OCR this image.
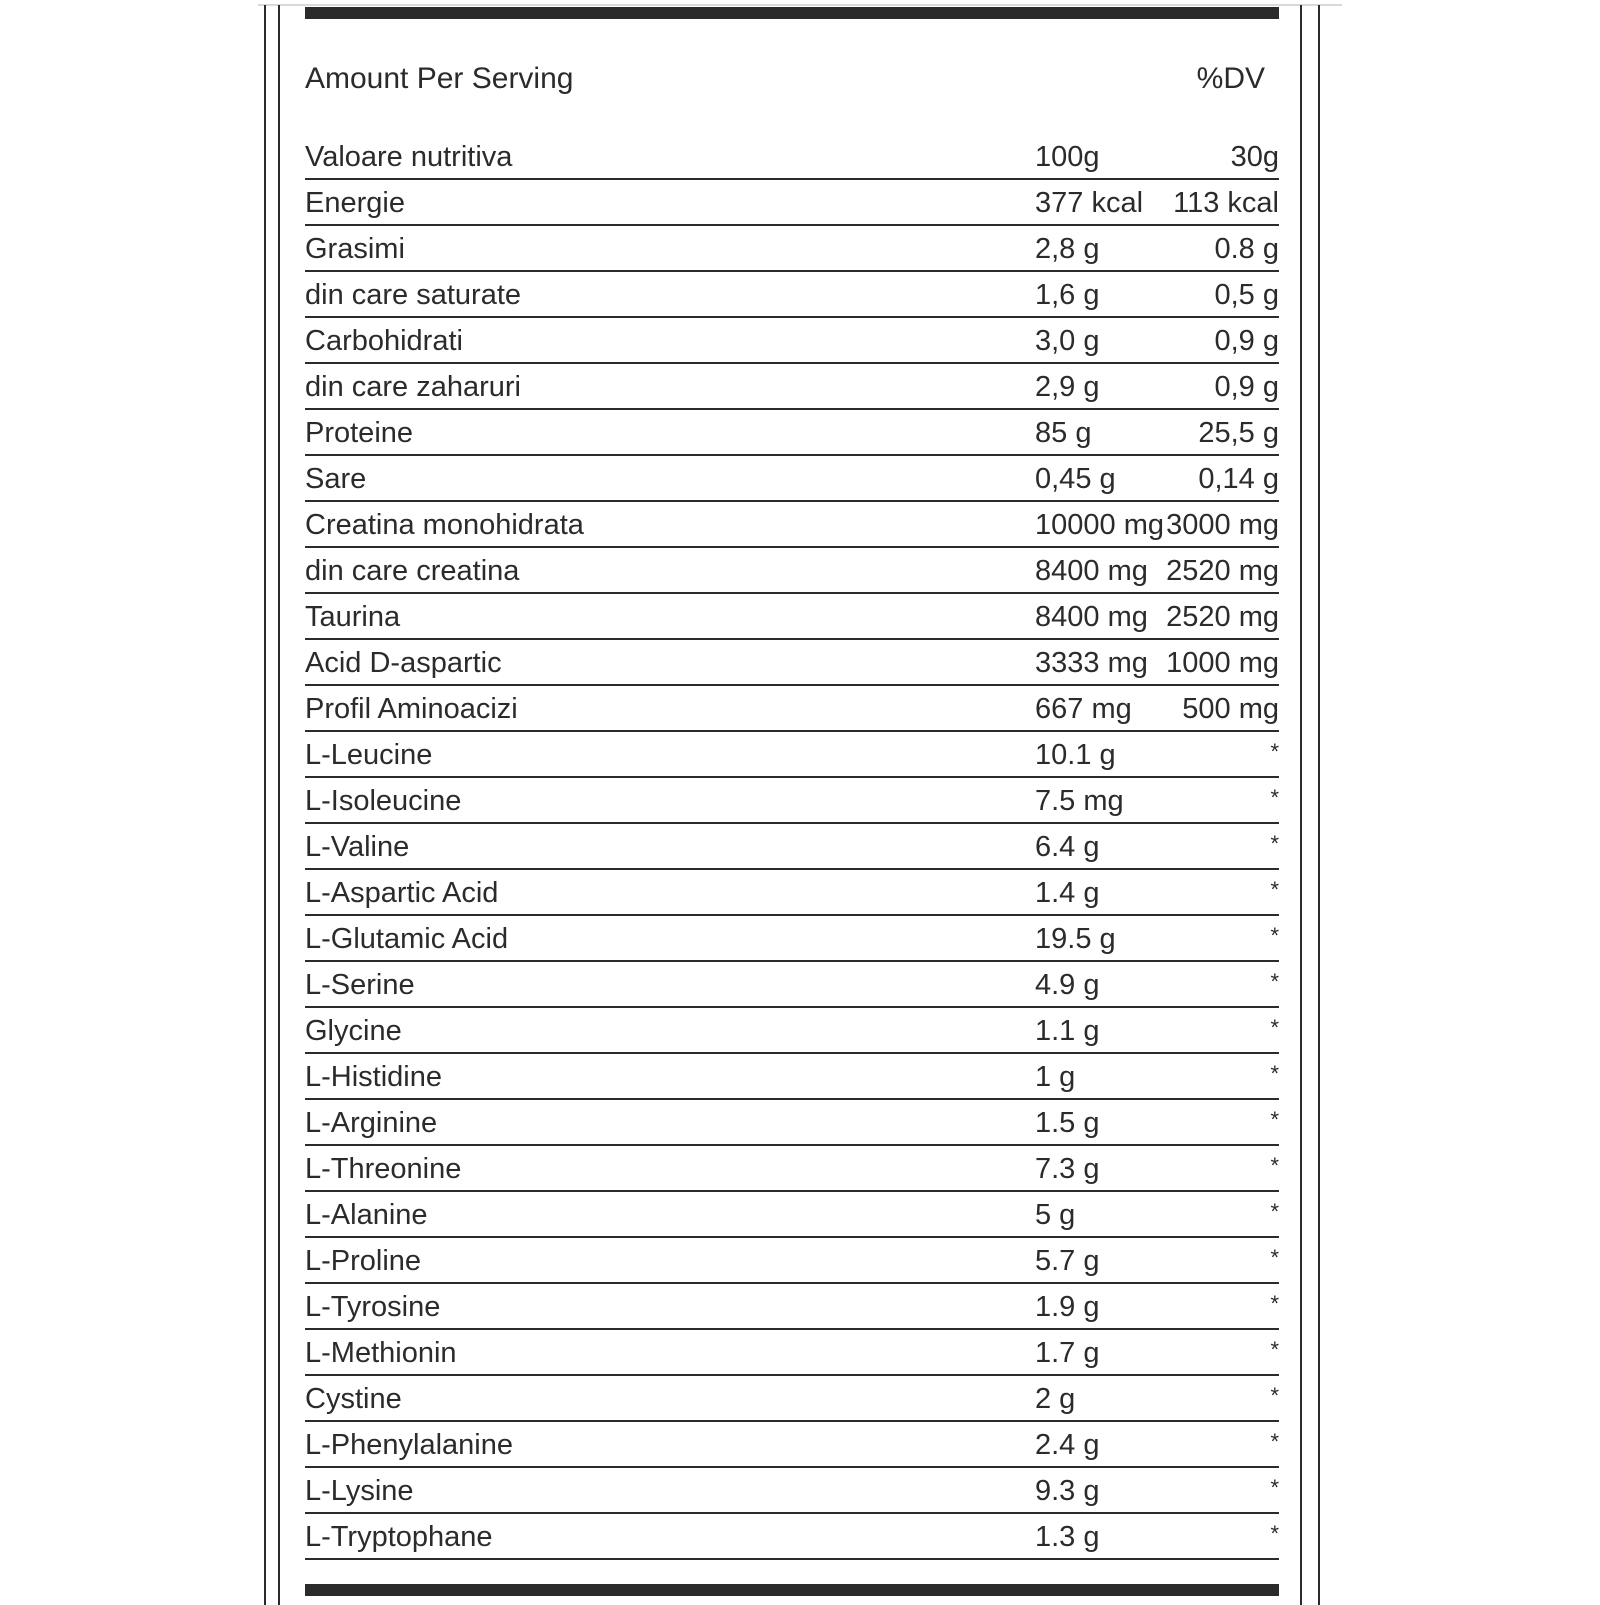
Amount Per Serving	%DV
Valoare nutritiva	100g	30g
Energie	377 kcal 113 kcal
Grasimi	2,8 g	0.8 g
din care saturate	1,6 g	0,5 g
Carbohidrati	3,0 g	0,9 g
din care zaharuri	2,9 g	0,9 g
Proteine	85 g	25,5 g
Sare	0,45 g	0,14 g
Creatina monohidrata	10000 mg 3000 mg
din care creatina	8400 mg 2520 mg
Taurina	8400 mg 2520 mg
Acid D-aspartic	3333 mg 1000 mg
Profil Aminoacizi	667 mg 500 mg
L-Leucine	10.1 g	*
L-Isoleucine	7.5 mg	*
L-Valine	6.4 g	*
L-Aspartic Acid	1.4 g	*
L-Glutamic Acid	19.5 g	*
L-Serine	4.9 g	*
Glycine	1.1 g	*
L-Histidine	1 g	*
L-Arginine	1.5 g	*
L-Threonine	7.3 g	*
L-Alanine	5 g	*
L-Proline	5.7 g	*
L-Tyrosine	1.9 g	*
L-Methionin	1.7 g	*
Cystine	2 g	*
L-Phenylalanine	2.4 g	*
L-Lysine	9.3 g	*
L-Tryptophane	1.3 g	*
